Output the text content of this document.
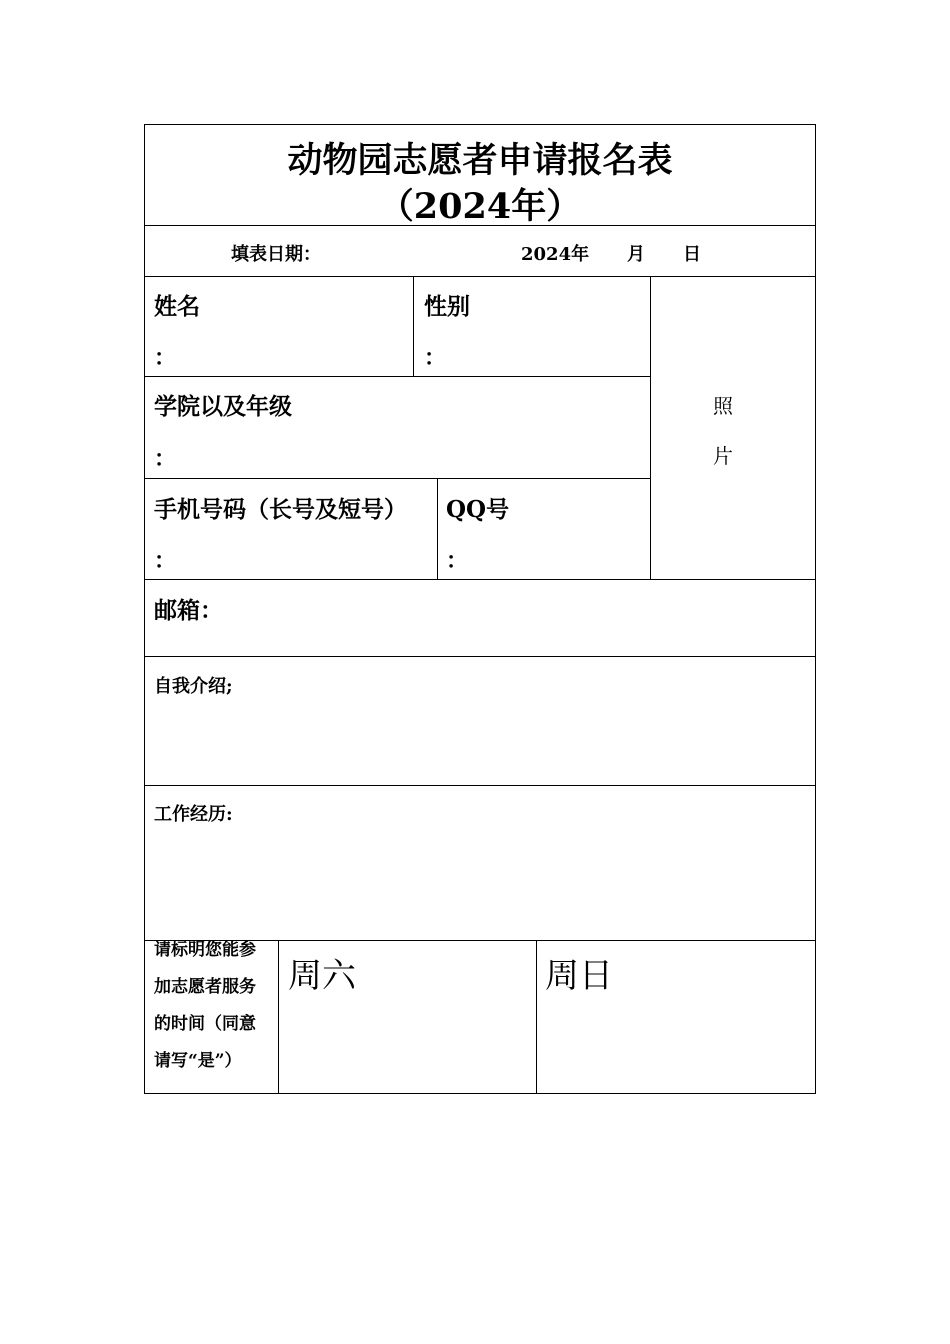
动物园志愿者申请报名表
（2024年）
填表日期：	2024年 月 日
姓名
：
性别
：
学院以及年级
：
手机号码（长号及短号）
：
QQ号
：
照
片
邮箱：
自我介绍;
工作经历:
请标明您能参加志愿者服务的时间（同意请写“是”）
周六	周日
